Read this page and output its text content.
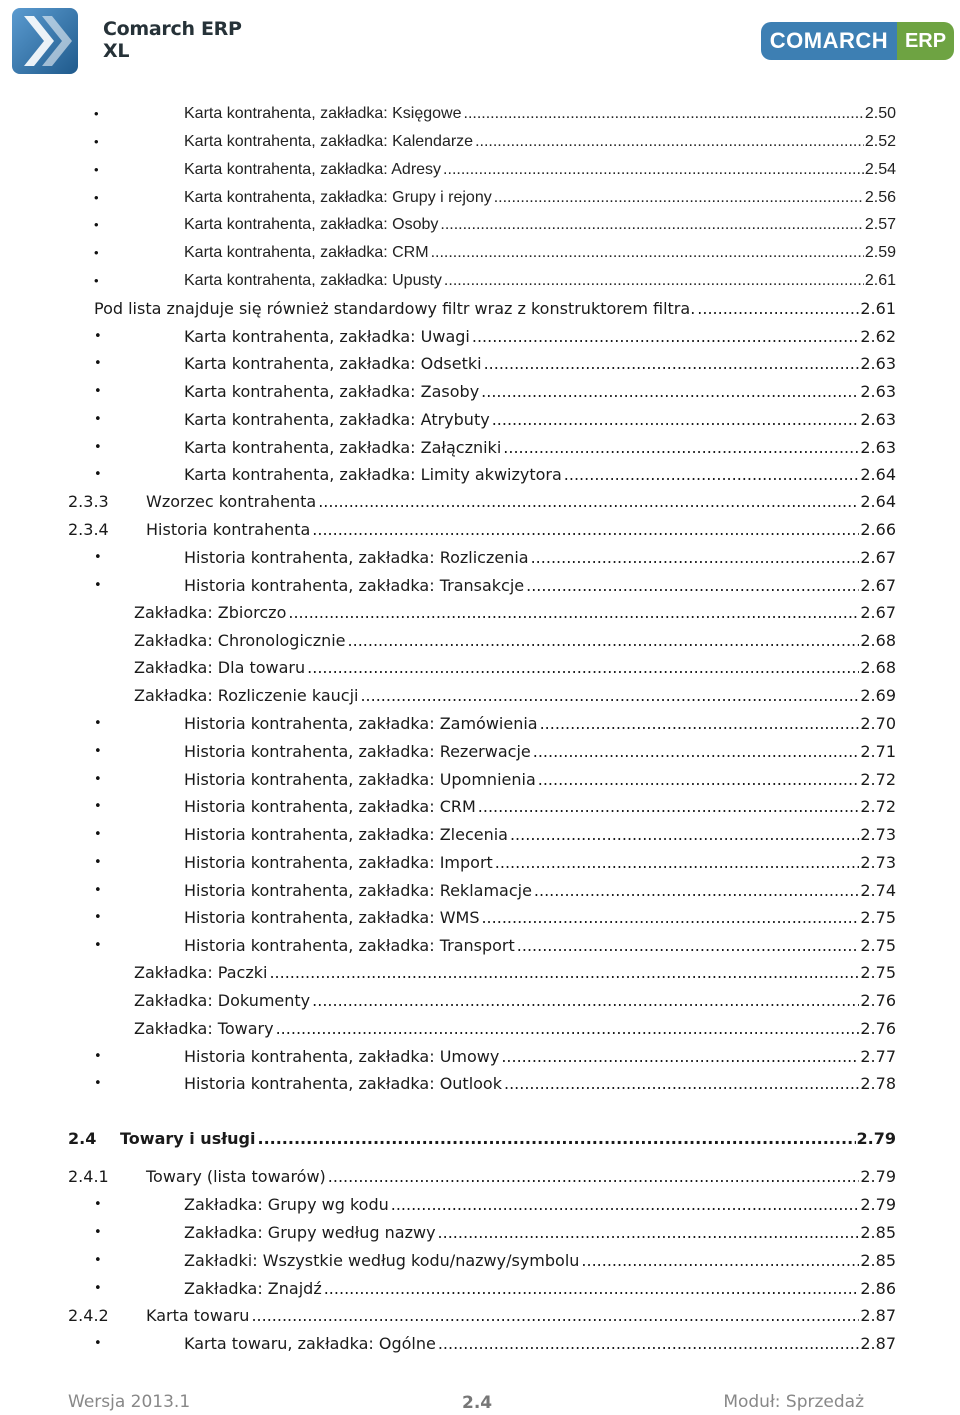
Comarch ERP
XL	COMARCH ERP
•	Karta kontrahenta, zakładka: Księgowe .....	2.50
•	Karta kontrahenta, zakładka: Kalendarze .....	2.52
•	Karta kontrahenta, zakładka: Adresy .....	2.54
•	Karta kontrahenta, zakładka: Grupy i rejony .....	2.56
•	Karta kontrahenta, zakładka: Osoby .....	2.57
•	Karta kontrahenta, zakładka: CRM .....	2.59
•	Karta kontrahenta, zakładka: Upusty .....	2.61
Pod lista znajduje się również standardowy filtr wraz z konstruktorem filtra. .....	2.61
•	Karta kontrahenta, zakładka: Uwagi .....	2.62
•	Karta kontrahenta, zakładka: Odsetki .....	2.63
•	Karta kontrahenta, zakładka: Zasoby .....	2.63
•	Karta kontrahenta, zakładka: Atrybuty .....	2.63
•	Karta kontrahenta, zakładka: Załączniki .....	2.63
•	Karta kontrahenta, zakładka: Limity akwizytora .....	2.64
2.3.3 Wzorzec kontrahenta .....	2.64
2.3.4 Historia kontrahenta .....	2.66
•	Historia kontrahenta, zakładka: Rozliczenia .....	2.67
•	Historia kontrahenta, zakładka: Transakcje .....	2.67
Zakładka: Zbiorczo .....	2.67
Zakładka: Chronologicznie .....	2.68
Zakładka: Dla towaru .....	2.68
Zakładka: Rozliczenie kaucji .....	2.69
•	Historia kontrahenta, zakładka: Zamówienia .....	2.70
•	Historia kontrahenta, zakładka: Rezerwacje .....	2.71
•	Historia kontrahenta, zakładka: Upomnienia .....	2.72
•	Historia kontrahenta, zakładka: CRM .....	2.72
•	Historia kontrahenta, zakładka: Zlecenia .....	2.73
•	Historia kontrahenta, zakładka: Import .....	2.73
•	Historia kontrahenta, zakładka: Reklamacje .....	2.74
•	Historia kontrahenta, zakładka: WMS .....	2.75
•	Historia kontrahenta, zakładka: Transport .....	2.75
Zakładka: Paczki .....	2.75
Zakładka: Dokumenty .....	2.76
Zakładka: Towary .....	2.76
•	Historia kontrahenta, zakładka: Umowy .....	2.77
•	Historia kontrahenta, zakładka: Outlook .....	2.78
2.4 Towary i usługi .....	2.79
2.4.1 Towary (lista towarów) .....	2.79
•	Zakładka: Grupy wg kodu .....	2.79
•	Zakładka: Grupy według nazwy .....	2.85
•	Zakładki: Wszystkie według kodu/nazwy/symbolu .....	2.85
•	Zakładka: Znajdź .....	2.86
2.4.2 Karta towaru .....	2.87
•	Karta towaru, zakładka: Ogólne .....	2.87
Wersja 2013.1	2.4	Moduł: Sprzedaż
